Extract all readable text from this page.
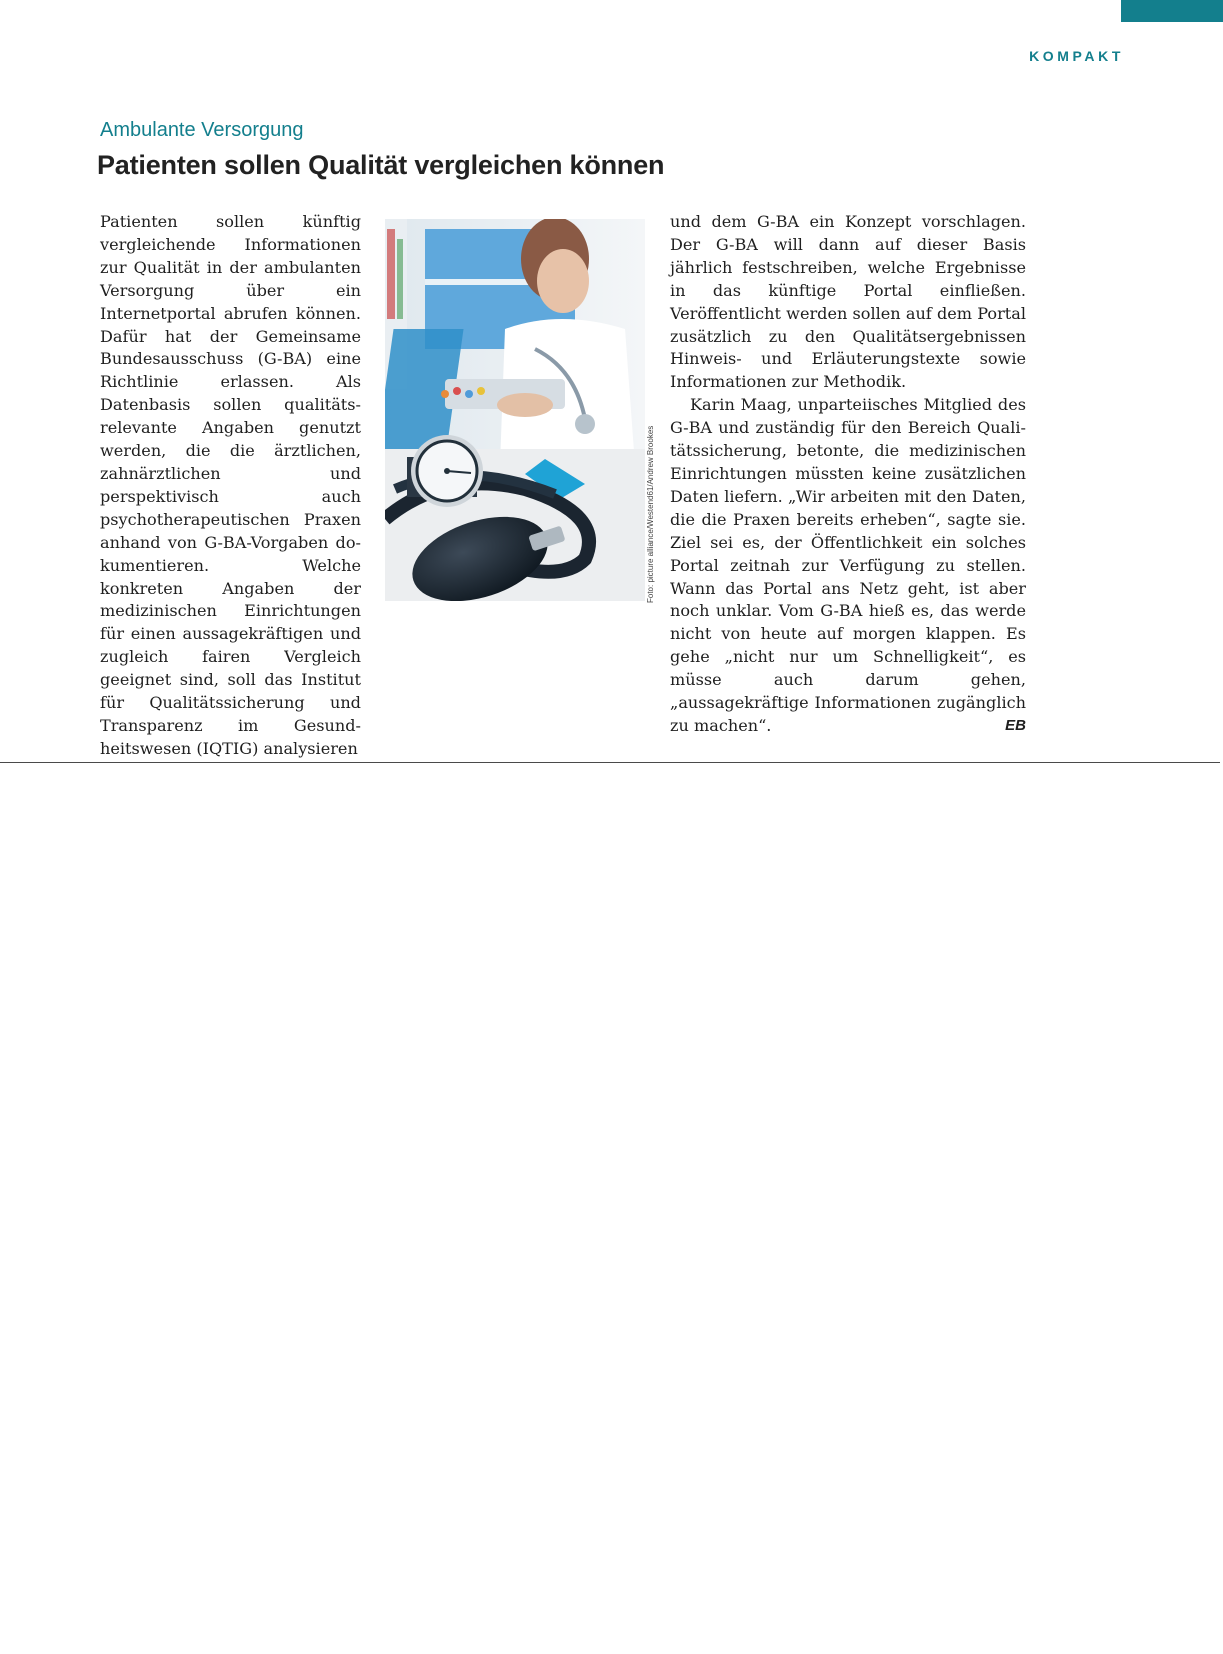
KOMPAKT
Ambulante Versorgung
Patienten sollen Qualität vergleichen können

Patienten sollen künftig vergleichende Informationen zur Qualität in der ambulanten Versorgung über ein Internetportal abrufen können. Dafür hat der Gemeinsame Bundesausschuss (G-BA) eine Richtlinie erlassen. Als Datenbasis sollen qualitätsrelevante Angaben genutzt werden, die die ärztlichen, zahnärztlichen und perspektivisch auch psychotherapeutischen Praxen anhand von G-BA-Vorgaben dokumentieren. Welche konkreten Angaben der medizinischen Einrichtungen für einen aussagekräftigen und zugleich fairen Vergleich geeignet sind, soll das Institut für Qualitätssicherung und Transparenz im Gesundheitswesen (IQTIG) analysieren

Foto: picture alliance/Westend61/Andrew Brookes

und dem G-BA ein Konzept vorschlagen. Der G-BA will dann auf dieser Basis jährlich festschreiben, welche Ergebnisse in das künftige Portal einfließen. Veröffentlicht werden sollen auf dem Portal zusätzlich zu den Qualitätsergebnissen Hinweis- und Erläuterungstexte sowie Informationen zur Methodik.

Karin Maag, unparteiisches Mitglied des G-BA und zuständig für den Bereich Qualitätssicherung, betonte, die medizinischen Einrichtungen müssten keine zusätzlichen Daten liefern. „Wir arbeiten mit den Daten, die die Praxen bereits erheben“, sagte sie. Ziel sei es, der Öffentlichkeit ein solches Portal zeitnah zur Verfügung zu stellen. Wann das Portal ans Netz geht, ist aber noch unklar. Vom G-BA hieß es, das werde nicht von heute auf morgen klappen. Es gehe „nicht nur um Schnelligkeit“, es müsse auch darum gehen, „aussagekräftige Informationen zugänglich zu machen“.	EB
